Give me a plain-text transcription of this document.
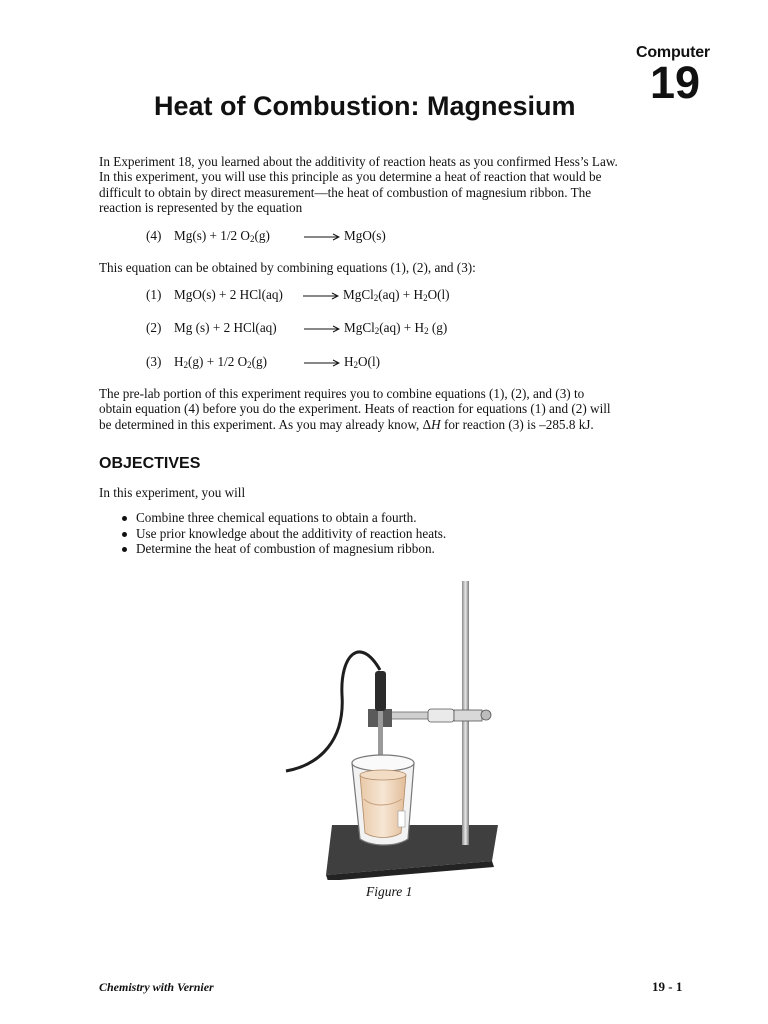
Computer
19
Heat of Combustion: Magnesium
In Experiment 18, you learned about the additivity of reaction heats as you confirmed Hess’s Law.
In this experiment, you will use this principle as you determine a heat of reaction that would be
difficult to obtain by direct measurement—the heat of combustion of magnesium ribbon. The
reaction is represented by the equation
(4) Mg(s) + 1/2 $O_2(g)$	→ MgO(s)
This equation can be obtained by combining equations (1), (2), and (3):
(1) MgO(s) + 2 HCl(aq) → MgCl$_2$(aq) + $H_2O(l)$
(2) Mg (s) + 2 HCl(aq) → MgCl$_2$(aq) + $H_2$ (g)
(3) $H_2(g) + 1/2$ $O_2(g)$	→ $H_2O(l)$
The pre-lab portion of this experiment requires you to combine equations (1), (2), and (3) to
obtain equation (4) before you do the experiment. Heats of reaction for equations (1) and (2) will
be determined in this experiment. As you may already know, ΔH for reaction (3) is –285.8 kJ.
OBJECTIVES
In this experiment, you will
Combine three chemical equations to obtain a fourth.
Use prior knowledge about the additivity of reaction heats.
Determine the heat of combustion of magnesium ribbon.
Figure 1
Chemistry with Vernier	19 - 1
